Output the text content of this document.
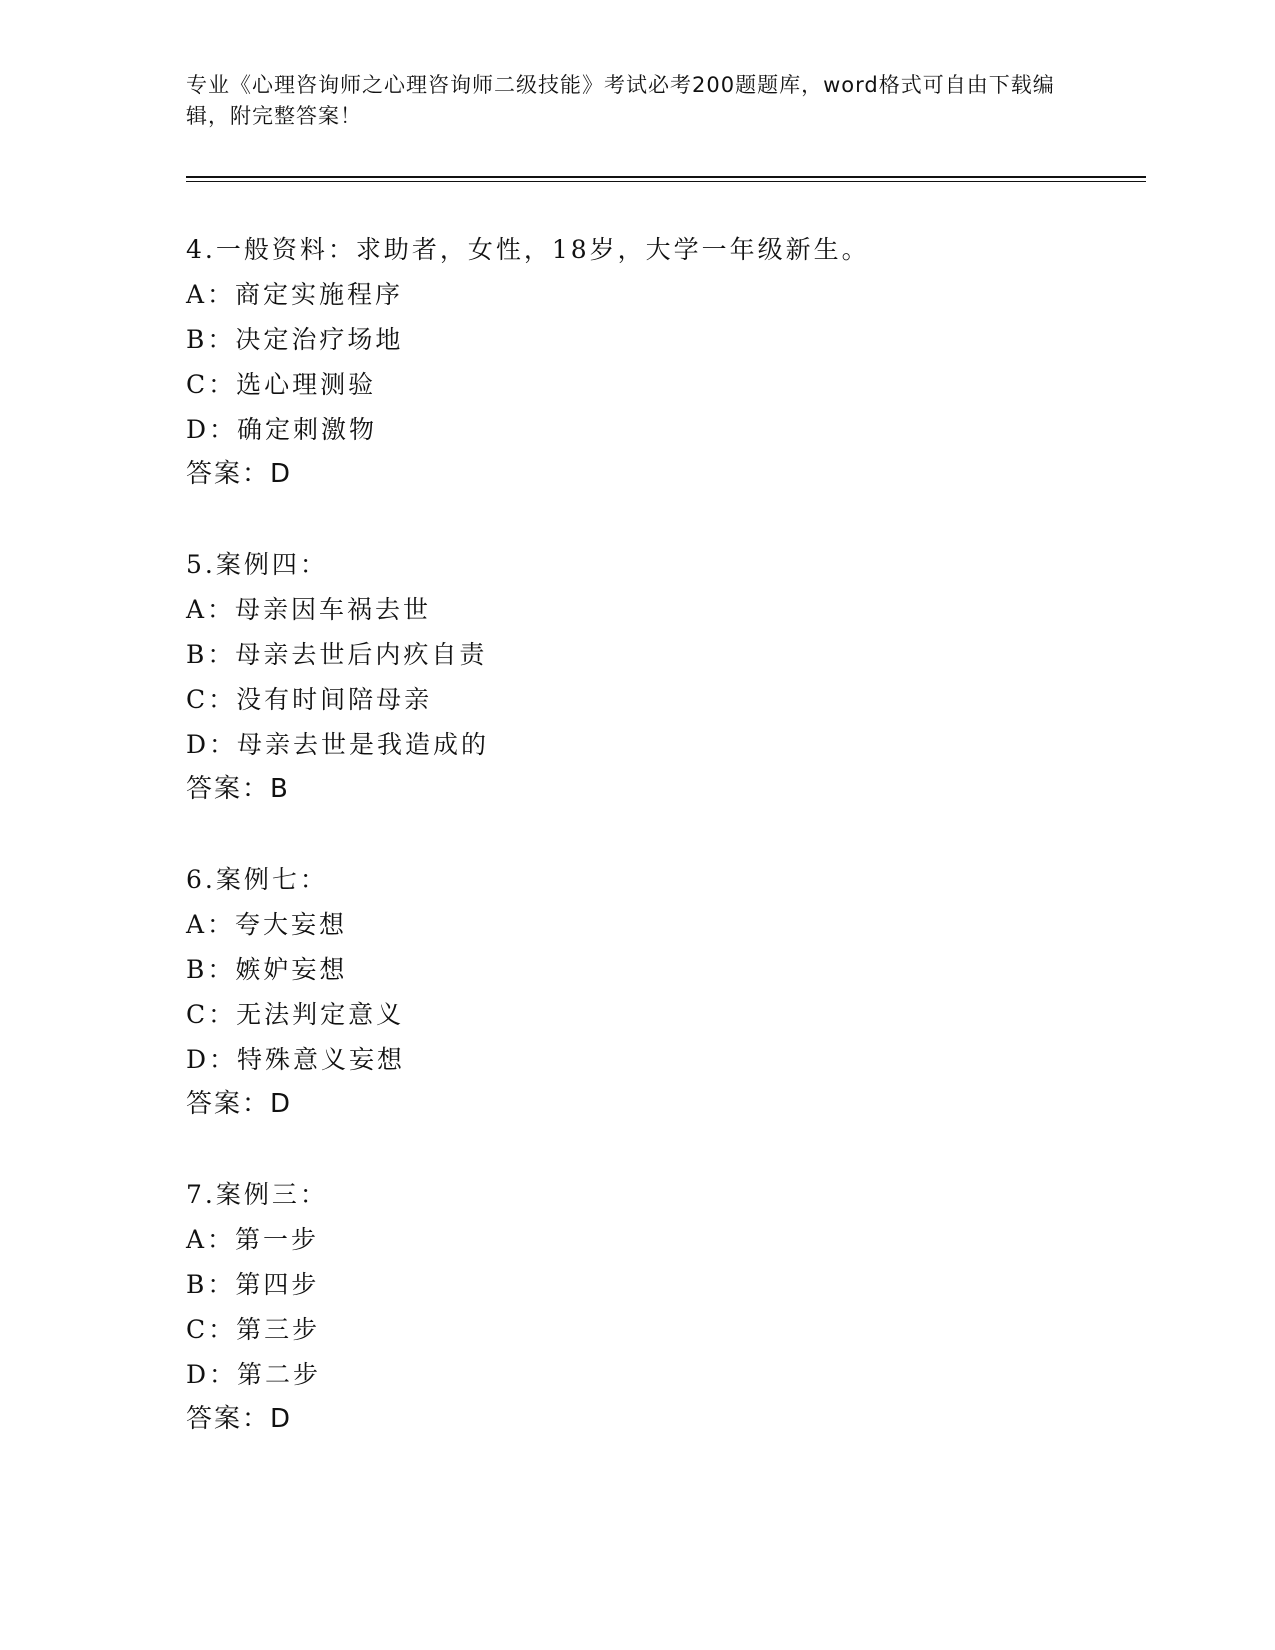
专业《心理咨询师之心理咨询师二级技能》考试必考200题题库，word格式可自由下载编辑，附完整答案！
4.一般资料：求助者，女性，18岁，大学一年级新生。
A：商定实施程序
B：决定治疗场地
C：选心理测验
D：确定刺激物
答案：D
5.案例四：
A：母亲因车祸去世
B：母亲去世后内疚自责
C：没有时间陪母亲
D：母亲去世是我造成的
答案：B
6.案例七：
A：夸大妄想
B：嫉妒妄想
C：无法判定意义
D：特殊意义妄想
答案：D
7.案例三：
A：第一步
B：第四步
C：第三步
D：第二步
答案：D
